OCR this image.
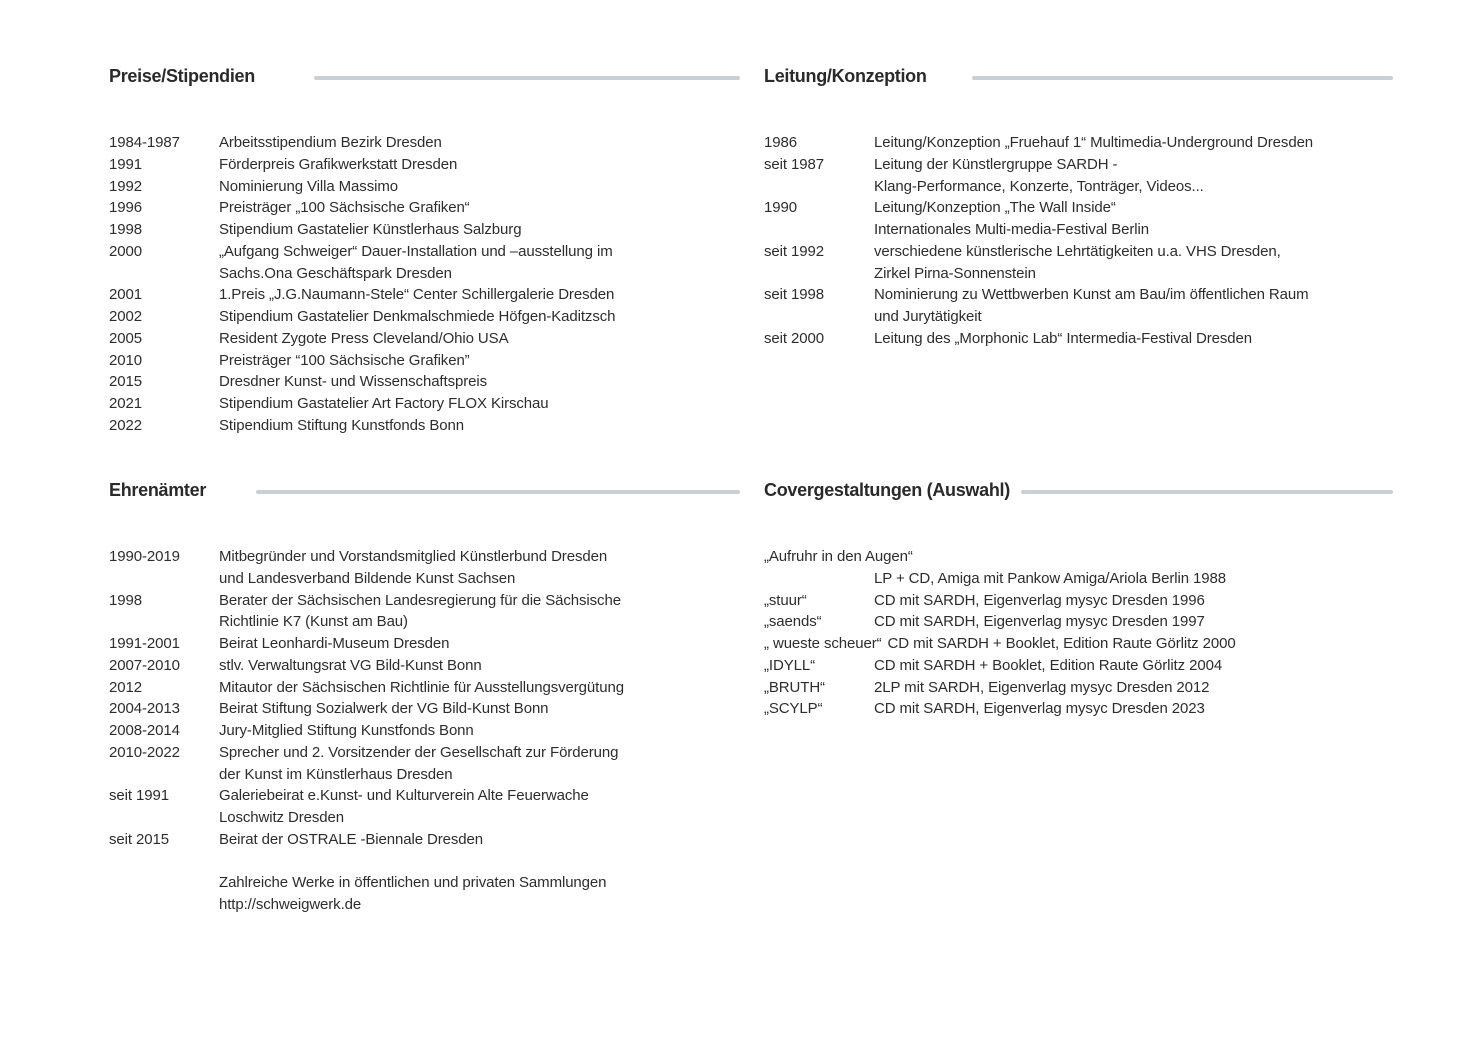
Preise/Stipendien
1984-1987	Arbeitsstipendium Bezirk Dresden
1991	Förderpreis Grafikwerkstatt Dresden
1992	Nominierung Villa Massimo
1996	Preisträger „100 Sächsische Grafiken“
1998	Stipendium Gastatelier Künstlerhaus Salzburg
2000	„Aufgang Schweiger“ Dauer-Installation und –ausstellung im
Sachs.Ona Geschäftspark Dresden
2001	1.Preis „J.G.Naumann-Stele“ Center Schillergalerie Dresden
2002	Stipendium Gastatelier Denkmalschmiede Höfgen-Kaditzsch
2005	Resident Zygote Press Cleveland/Ohio USA
2010	Preisträger “100 Sächsische Grafiken”
2015	Dresdner Kunst- und Wissenschaftspreis
2021	Stipendium Gastatelier Art Factory FLOX Kirschau
2022	Stipendium Stiftung Kunstfonds Bonn
Leitung/Konzeption
1986	Leitung/Konzeption „Fruehauf 1“ Multimedia-Underground Dresden
seit 1987	Leitung der Künstlergruppe SARDH -
Klang-Performance, Konzerte, Tonträger, Videos...
1990	Leitung/Konzeption „The Wall Inside“
Internationales Multi-media-Festival Berlin
seit 1992	verschiedene künstlerische Lehrtätigkeiten u.a. VHS Dresden,
Zirkel Pirna-Sonnenstein
seit 1998	Nominierung zu Wettbwerben Kunst am Bau/im öffentlichen Raum
und Jurytätigkeit
seit 2000	Leitung des „Morphonic Lab“ Intermedia-Festival Dresden
Ehrenämter
1990-2019	Mitbegründer und Vorstandsmitglied Künstlerbund Dresden
und Landesverband Bildende Kunst Sachsen
1998	Berater der Sächsischen Landesregierung für die Sächsische
Richtlinie K7 (Kunst am Bau)
1991-2001	Beirat Leonhardi-Museum Dresden
2007-2010	stlv. Verwaltungsrat VG Bild-Kunst Bonn
2012	Mitautor der Sächsischen Richtlinie für Ausstellungsvergütung
2004-2013	Beirat Stiftung Sozialwerk der VG Bild-Kunst Bonn
2008-2014	Jury-Mitglied Stiftung Kunstfonds Bonn
2010-2022	Sprecher und 2. Vorsitzender der Gesellschaft zur Förderung
der Kunst im Künstlerhaus Dresden
seit 1991	Galeriebeirat e.Kunst- und Kulturverein Alte Feuerwache
Loschwitz Dresden
seit 2015	Beirat der OSTRALE -Biennale Dresden
Zahlreiche Werke in öffentlichen und privaten Sammlungen
http://schweigwerk.de
Covergestaltungen (Auswahl)
„Aufruhr in den Augen“
LP + CD, Amiga mit Pankow Amiga/Ariola Berlin 1988
„stuur“	CD mit SARDH, Eigenverlag mysyc Dresden 1996
„saends“	CD mit SARDH, Eigenverlag mysyc Dresden 1997
„ wueste scheuer“ CD mit SARDH + Booklet, Edition Raute Görlitz 2000
„IDYLL“	CD mit SARDH + Booklet, Edition Raute Görlitz 2004
„BRUTH“	2LP mit SARDH, Eigenverlag mysyc Dresden 2012
„SCYLP“	CD mit SARDH, Eigenverlag mysyc Dresden 2023
